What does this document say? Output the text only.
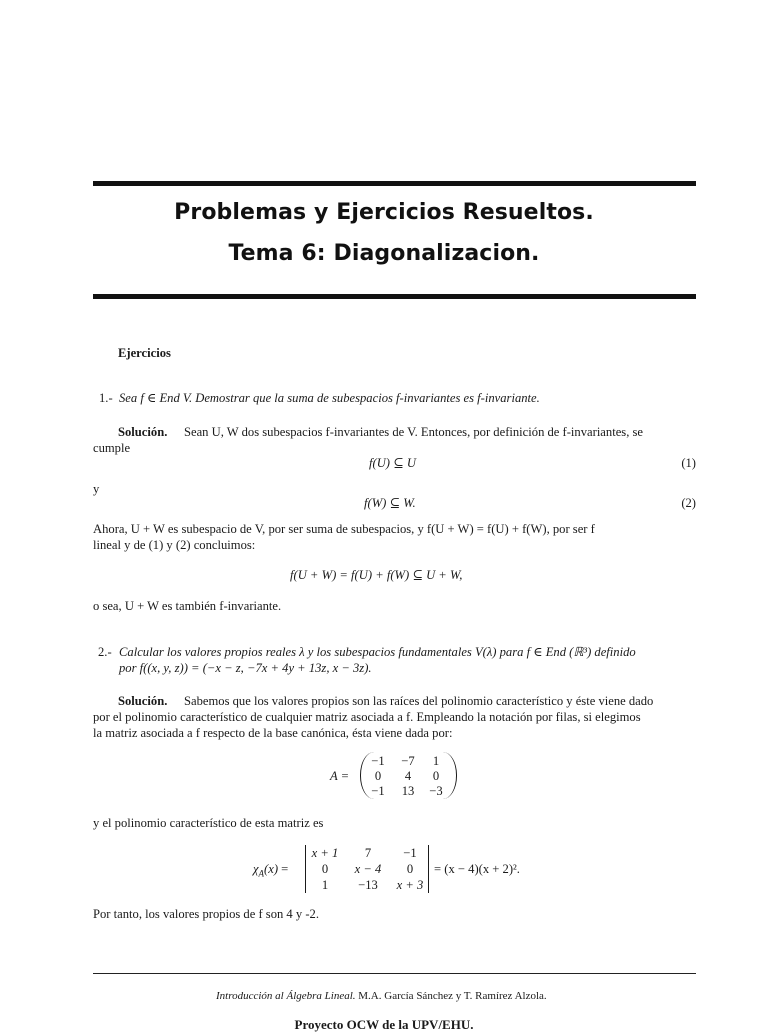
Problemas y Ejercicios Resueltos.
Tema 6: Diagonalizacion.
Ejercicios
1.- Sea f ∈ End V. Demostrar que la suma de subespacios f-invariantes es f-invariante.
Solución. Sean U, W dos subespacios f-invariantes de V. Entonces, por definición de f-invariantes, se
cumple
f(U) ⊆ U	(1)
y
f(W) ⊆ W.	(2)
Ahora, U + W es subespacio de V, por ser suma de subespacios, y f(U + W) = f(U) + f(W), por ser f
lineal y de (1) y (2) concluimos:
f(U + W) = f(U) + f(W) ⊆ U + W,
o sea, U + W es también f-invariante.
2.- Calcular los valores propios reales λ y los subespacios fundamentales V(λ) para f ∈ End (ℝ³) definido
por f((x, y, z)) = (−x − z, −7x + 4y + 13z, x − 3z).
Solución. Sabemos que los valores propios son las raíces del polinomio característico y éste viene dado
por el polinomio característico de cualquier matriz asociada a f. Empleando la notación por filas, si elegimos
la matriz asociada a f respecto de la base canónica, ésta viene dada por:
A =
−1	−7	1
0	4	0
−1	13	−3
y el polinomio característico de esta matriz es
$\chi_A(x)$ =
x + 1	7	−1
0	x − 4	0
1	−13	x + 3
= (x − 4)(x + 2)².
Por tanto, los valores propios de f son 4 y -2.
Introducción al Álgebra Lineal. M.A. García Sánchez y T. Ramírez Alzola.
Proyecto OCW de la UPV/EHU.
